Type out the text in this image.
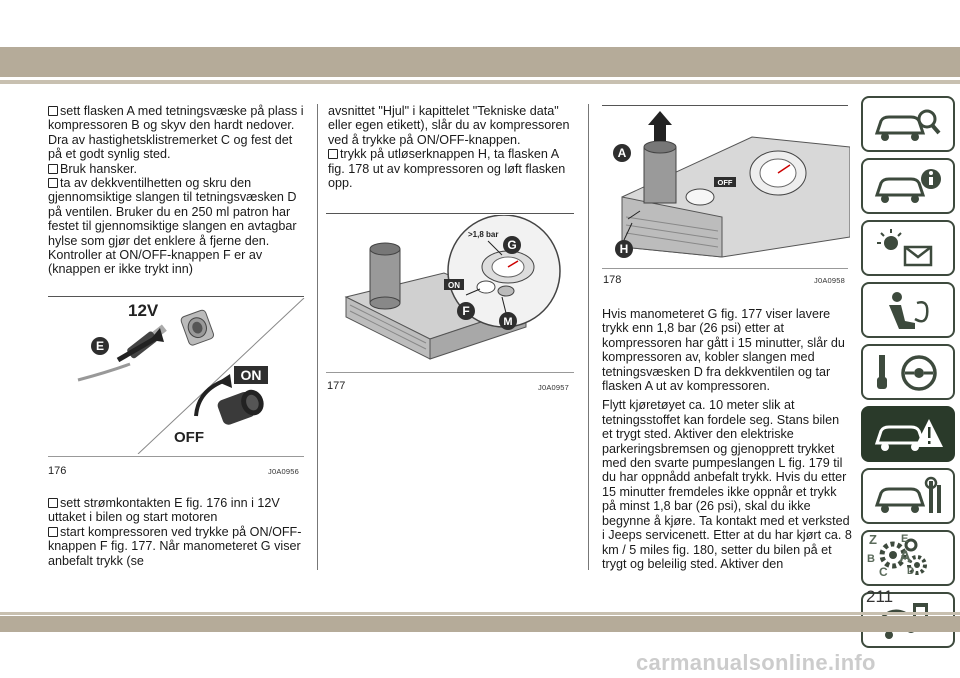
sett flasken A med tetningsvæske på plass i kompressoren B og skyv den hardt nedover. Dra av hastighetsklistremerket C og fest det på et godt synlig sted.

Bruk hansker.

ta av dekkventilhetten og skru den gjennomsiktige slangen til tetningsvæsken D på ventilen. Bruker du en 250 ml patron har festet til gjennomsiktige slangen en avtagbar hylse som gjør det enklere å fjerne den. Kontroller at ON/OFF-knappen F er av (knappen er ikke trykt inn)

12V
E
ON
OFF
176	J0A0956

sett strømkontakten E fig. 176 inn i 12V uttaket i bilen og start motoren

start kompressoren ved trykke på ON/OFF-knappen F fig. 177. Når manometeret G viser anbefalt trykk (se

avsnittet "Hjul" i kapittelet "Tekniske data" eller egen etikett), slår du av kompressoren ved å trykke på ON/OFF-knappen.

trykk på utløserknappen H, ta flasken A fig. 178 ut av kompressoren og løft flasken opp.

>1,8 bar
G
ON
F
M
177	J0A0957
OFF
A
H
178	J0A0958

Hvis manometeret G fig. 177 viser lavere trykk enn 1,8 bar (26 psi) etter at kompressoren har gått i 15 minutter, slår du kompressoren av, kobler slangen med tetningsvæsken D fra dekkventilen og tar flasken A ut av kompressoren.

Flytt kjøretøyet ca. 10 meter slik at tetningsstoffet kan fordele seg. Stans bilen et trygt sted. Aktiver den elektriske parkeringsbremsen og gjenopprett trykket med den svarte pumpeslangen L fig. 179 til du har oppnådd anbefalt trykk. Hvis du etter 15 minutter fremdeles ikke oppnår et trykk på minst 1,8 bar (26 psi), skal du ikke begynne å kjøre. Ta kontakt med et verksted i Jeeps servicenett. Etter at du har kjørt ca. 8 km / 5 miles fig. 180, setter du bilen på et trygt og beleilig sted. Aktiver den

Z E
B A
C D
211
carmanualsonline.info
